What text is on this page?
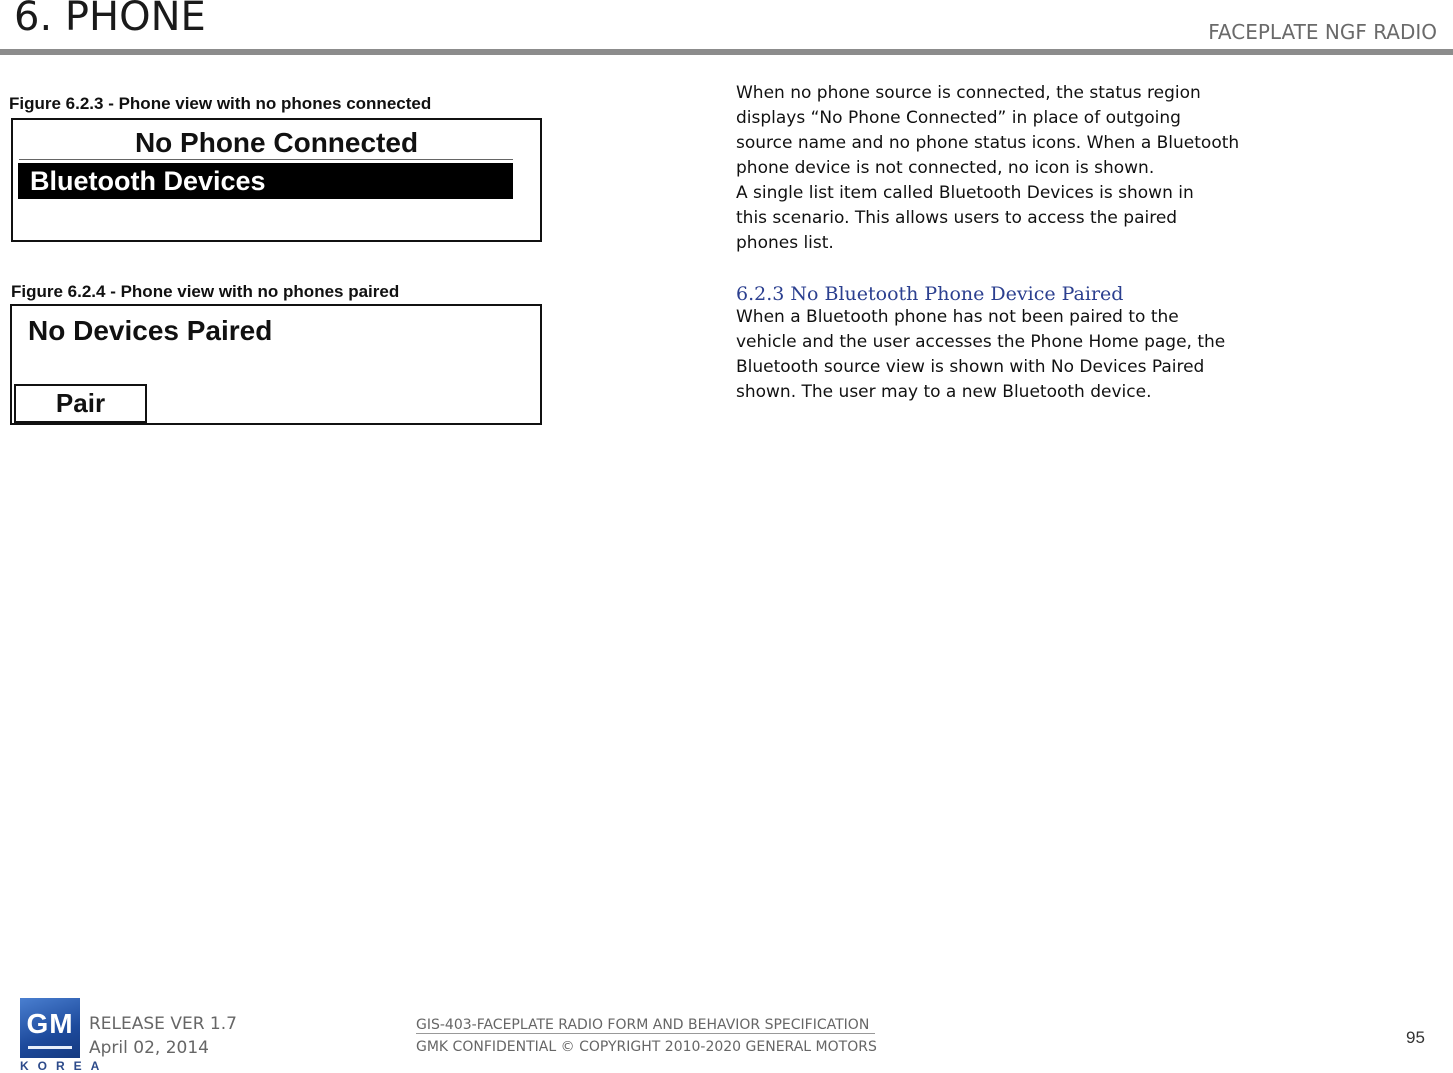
6. PHONE	FACEPLATE NGF RADIO
Figure 6.2.3 - Phone view with no phones connected
No Phone Connected
Bluetooth Devices
Figure 6.2.4 - Phone view with no phones paired
No Devices Paired
Pair

When no phone source is connected, the status region

displays “No Phone Connected” in place of outgoing

source name and no phone status icons. When a Bluetooth

phone device is not connected, no icon is shown.

A single list item called Bluetooth Devices is shown in

this scenario. This allows users to access the paired

phones list.

6.2.3 No Bluetooth Phone Device Paired

When a Bluetooth phone has not been paired to the

vehicle and the user accesses the Phone Home page, the

Bluetooth source view is shown with No Devices Paired

shown. The user may to a new Bluetooth device.

GM
KOREA
RELEASE VER 1.7
April 02, 2014
GIS-403-FACEPLATE RADIO FORM AND BEHAVIOR SPECIFICATION
GMK CONFIDENTIAL © COPYRIGHT 2010-2020 GENERAL MOTORS	95
